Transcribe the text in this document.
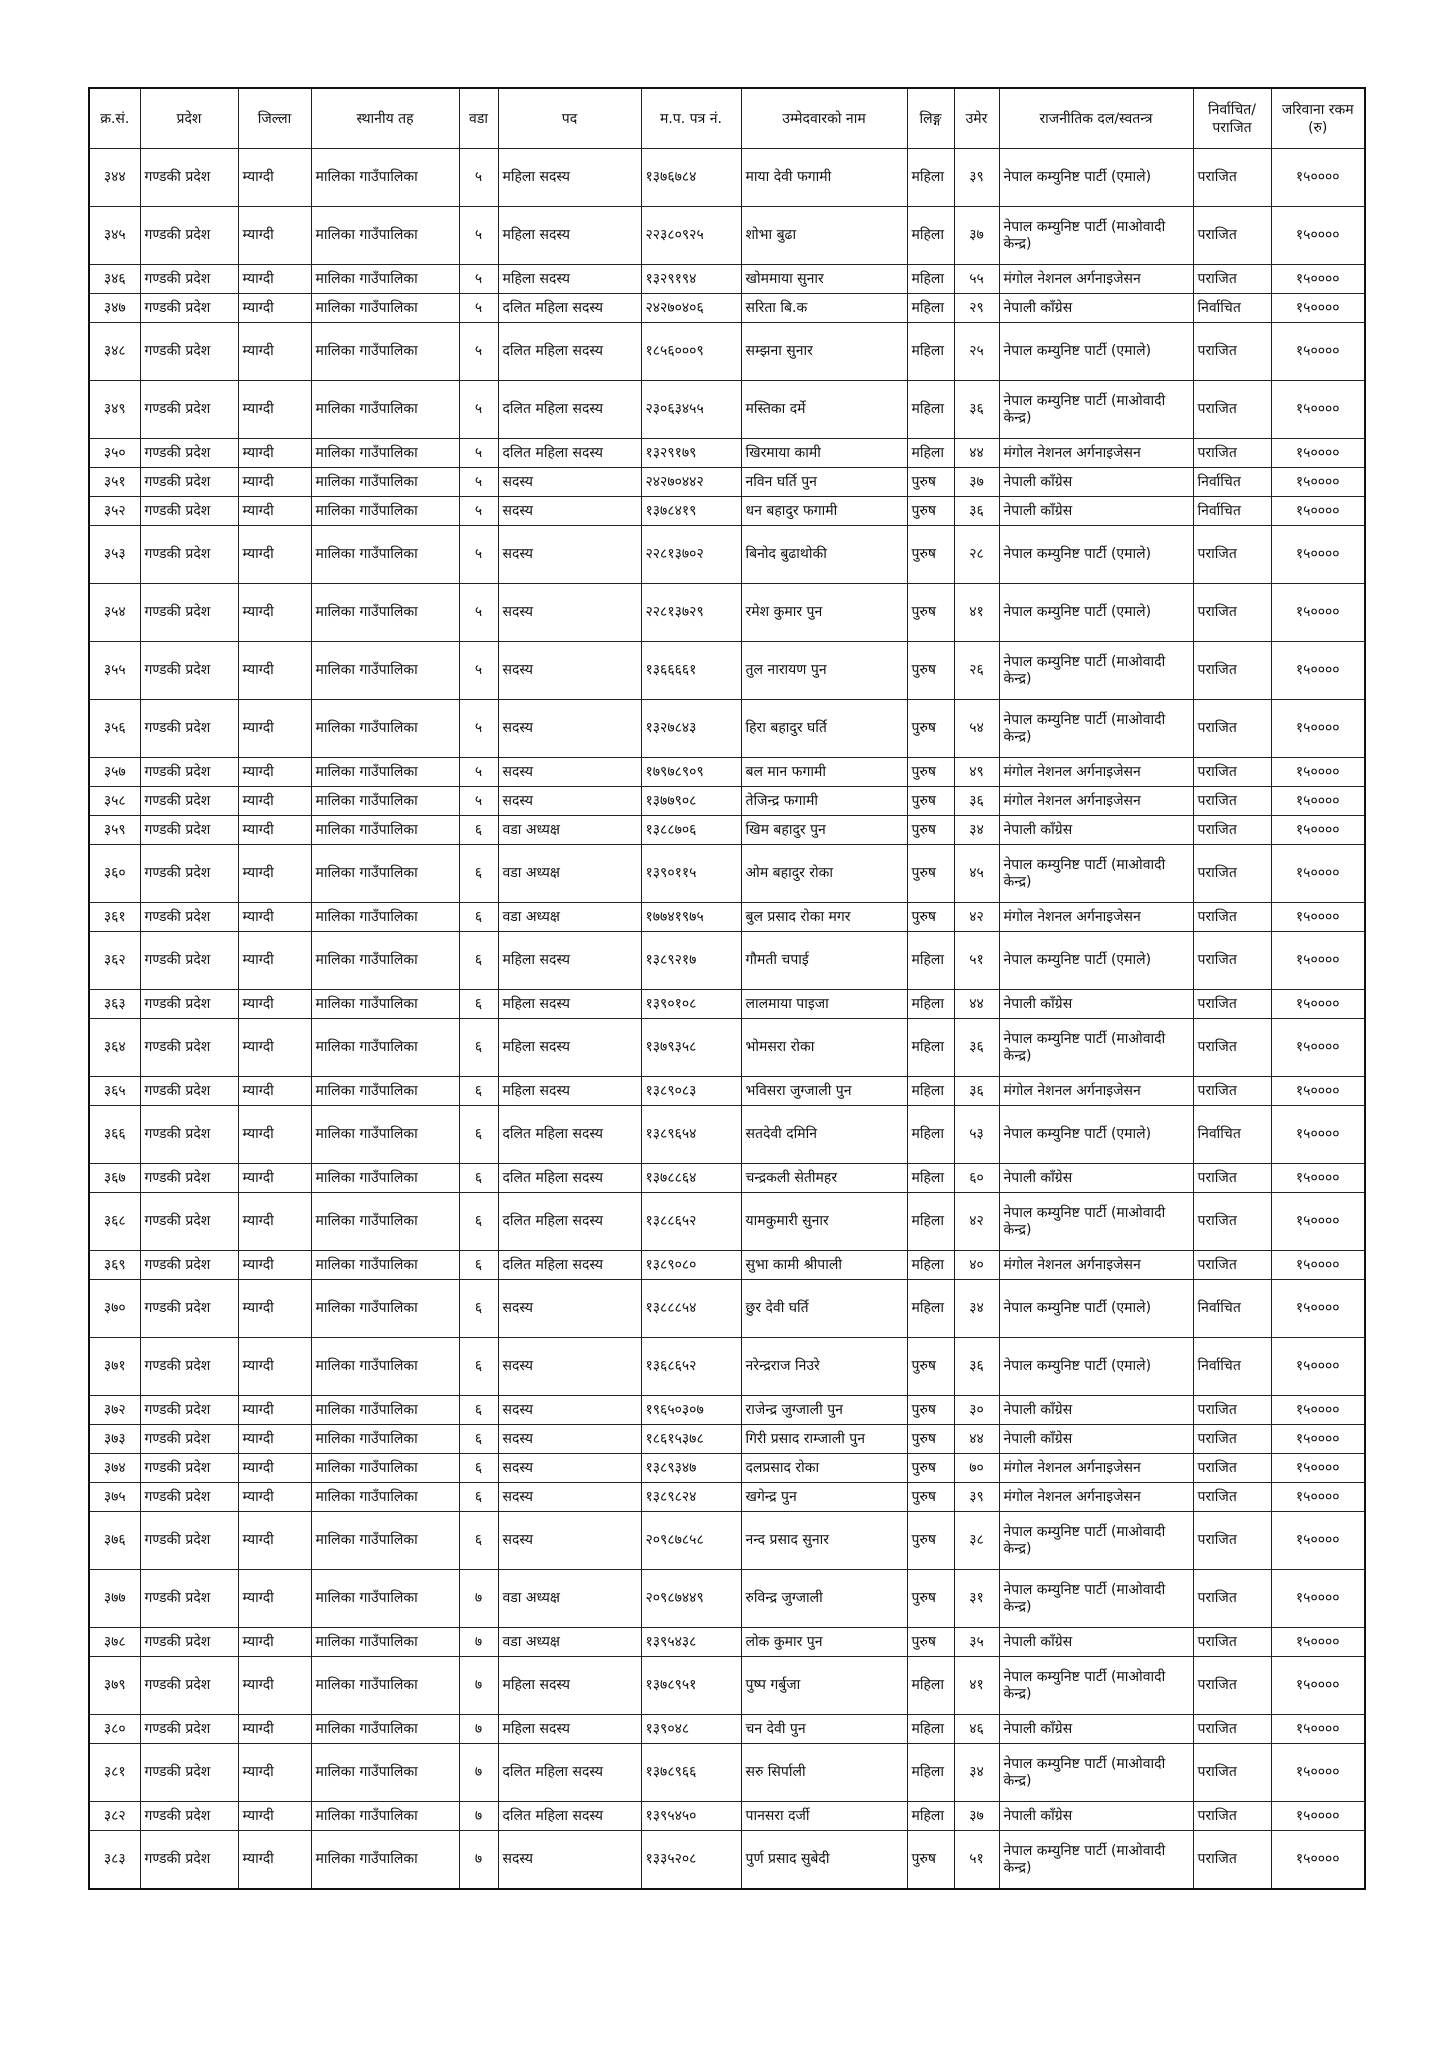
क्र.सं.	प्रदेश	जिल्ला	स्थानीय तह	वडा	पद	म.प. पत्र नं.	उम्मेदवारको नाम	लिङ्ग	उमेर	राजनीतिक दल/स्वतन्त्र	निर्वाचित/पराजित	जरिवाना रकम (रु)
३४४	गण्डकी प्रदेश	म्याग्दी	मालिका गाउँपालिका	५	महिला सदस्य	१३७६७८४	माया देवी फगामी	महिला	३९	नेपाल कम्युनिष्ट पार्टी (एमाले)	पराजित	१५००००
३४५	गण्डकी प्रदेश	म्याग्दी	मालिका गाउँपालिका	५	महिला सदस्य	२२३८०९२५	शोभा बुढा	महिला	३७	नेपाल कम्युनिष्ट पार्टी (माओवादी केन्द्र)	पराजित	१५००००
३४६	गण्डकी प्रदेश	म्याग्दी	मालिका गाउँपालिका	५	महिला सदस्य	१३२९१९४	खोममाया सुनार	महिला	५५	मंगोल नेशनल अर्गनाइजेसन	पराजित	१५००००
३४७	गण्डकी प्रदेश	म्याग्दी	मालिका गाउँपालिका	५	दलित महिला सदस्य	२४२७०४०६	सरिता बि.क	महिला	२९	नेपाली काँग्रेस	निर्वाचित	१५००००
३४८	गण्डकी प्रदेश	म्याग्दी	मालिका गाउँपालिका	५	दलित महिला सदस्य	१८५६०००९	सम्झना सुनार	महिला	२५	नेपाल कम्युनिष्ट पार्टी (एमाले)	पराजित	१५००००
३४९	गण्डकी प्रदेश	म्याग्दी	मालिका गाउँपालिका	५	दलित महिला सदस्य	२३०६३४५५	मस्तिका दर्मे	महिला	३६	नेपाल कम्युनिष्ट पार्टी (माओवादी केन्द्र)	पराजित	१५००००
३५०	गण्डकी प्रदेश	म्याग्दी	मालिका गाउँपालिका	५	दलित महिला सदस्य	१३२९१७९	खिरमाया कामी	महिला	४४	मंगोल नेशनल अर्गनाइजेसन	पराजित	१५००००
३५१	गण्डकी प्रदेश	म्याग्दी	मालिका गाउँपालिका	५	सदस्य	२४२७०४४२	नविन घर्ति पुन	पुरुष	३७	नेपाली काँग्रेस	निर्वाचित	१५००००
३५२	गण्डकी प्रदेश	म्याग्दी	मालिका गाउँपालिका	५	सदस्य	१३७८४१९	धन बहादुर फगामी	पुरुष	३६	नेपाली काँग्रेस	निर्वाचित	१५००००
३५३	गण्डकी प्रदेश	म्याग्दी	मालिका गाउँपालिका	५	सदस्य	२२८१३७०२	बिनोद बुढाथोकी	पुरुष	२८	नेपाल कम्युनिष्ट पार्टी (एमाले)	पराजित	१५००००
३५४	गण्डकी प्रदेश	म्याग्दी	मालिका गाउँपालिका	५	सदस्य	२२८१३७२९	रमेश कुमार पुन	पुरुष	४१	नेपाल कम्युनिष्ट पार्टी (एमाले)	पराजित	१५००००
३५५	गण्डकी प्रदेश	म्याग्दी	मालिका गाउँपालिका	५	सदस्य	१३६६६६१	तुल नारायण पुन	पुरुष	२६	नेपाल कम्युनिष्ट पार्टी (माओवादी केन्द्र)	पराजित	१५००००
३५६	गण्डकी प्रदेश	म्याग्दी	मालिका गाउँपालिका	५	सदस्य	१३२७८४३	हिरा बहादुर घर्ति	पुरुष	५४	नेपाल कम्युनिष्ट पार्टी (माओवादी केन्द्र)	पराजित	१५००००
३५७	गण्डकी प्रदेश	म्याग्दी	मालिका गाउँपालिका	५	सदस्य	१७९७८९०९	बल मान फगामी	पुरुष	४९	मंगोल नेशनल अर्गनाइजेसन	पराजित	१५००००
३५८	गण्डकी प्रदेश	म्याग्दी	मालिका गाउँपालिका	५	सदस्य	१३७७९०८	तेजिन्द्र फगामी	पुरुष	३६	मंगोल नेशनल अर्गनाइजेसन	पराजित	१५००००
३५९	गण्डकी प्रदेश	म्याग्दी	मालिका गाउँपालिका	६	वडा अध्यक्ष	१३८८७०६	खिम बहादुर पुन	पुरुष	३४	नेपाली काँग्रेस	पराजित	१५००००
३६०	गण्डकी प्रदेश	म्याग्दी	मालिका गाउँपालिका	६	वडा अध्यक्ष	१३९०११५	ओम बहादुर रोका	पुरुष	४५	नेपाल कम्युनिष्ट पार्टी (माओवादी केन्द्र)	पराजित	१५००००
३६१	गण्डकी प्रदेश	म्याग्दी	मालिका गाउँपालिका	६	वडा अध्यक्ष	१७७४१९७५	बुल प्रसाद रोका मगर	पुरुष	४२	मंगोल नेशनल अर्गनाइजेसन	पराजित	१५००००
३६२	गण्डकी प्रदेश	म्याग्दी	मालिका गाउँपालिका	६	महिला सदस्य	१३८९२१७	गौमती चपाई	महिला	५१	नेपाल कम्युनिष्ट पार्टी (एमाले)	पराजित	१५००००
३६३	गण्डकी प्रदेश	म्याग्दी	मालिका गाउँपालिका	६	महिला सदस्य	१३९०१०८	लालमाया पाइजा	महिला	४४	नेपाली काँग्रेस	पराजित	१५००००
३६४	गण्डकी प्रदेश	म्याग्दी	मालिका गाउँपालिका	६	महिला सदस्य	१३७९३५८	भोमसरा रोका	महिला	३६	नेपाल कम्युनिष्ट पार्टी (माओवादी केन्द्र)	पराजित	१५००००
३६५	गण्डकी प्रदेश	म्याग्दी	मालिका गाउँपालिका	६	महिला सदस्य	१३८९०८३	भविसरा जुग्जाली पुन	महिला	३६	मंगोल नेशनल अर्गनाइजेसन	पराजित	१५००००
३६६	गण्डकी प्रदेश	म्याग्दी	मालिका गाउँपालिका	६	दलित महिला सदस्य	१३८९६५४	सतदेवी दमिनि	महिला	५३	नेपाल कम्युनिष्ट पार्टी (एमाले)	निर्वाचित	१५००००
३६७	गण्डकी प्रदेश	म्याग्दी	मालिका गाउँपालिका	६	दलित महिला सदस्य	१३७८८६४	चन्द्रकली सेतीमहर	महिला	६०	नेपाली काँग्रेस	पराजित	१५००००
३६८	गण्डकी प्रदेश	म्याग्दी	मालिका गाउँपालिका	६	दलित महिला सदस्य	१३८८६५२	यामकुमारी सुनार	महिला	४२	नेपाल कम्युनिष्ट पार्टी (माओवादी केन्द्र)	पराजित	१५००००
३६९	गण्डकी प्रदेश	म्याग्दी	मालिका गाउँपालिका	६	दलित महिला सदस्य	१३८९०८०	सुभा कामी श्रीपाली	महिला	४०	मंगोल नेशनल अर्गनाइजेसन	पराजित	१५००००
३७०	गण्डकी प्रदेश	म्याग्दी	मालिका गाउँपालिका	६	सदस्य	१३८८८५४	छुर देवी घर्ति	महिला	३४	नेपाल कम्युनिष्ट पार्टी (एमाले)	निर्वाचित	१५००००
३७१	गण्डकी प्रदेश	म्याग्दी	मालिका गाउँपालिका	६	सदस्य	१३६८६५२	नरेन्द्रराज निउरे	पुरुष	३६	नेपाल कम्युनिष्ट पार्टी (एमाले)	निर्वाचित	१५००००
३७२	गण्डकी प्रदेश	म्याग्दी	मालिका गाउँपालिका	६	सदस्य	१९६५०३०७	राजेन्द्र जुग्जाली पुन	पुरुष	३०	नेपाली काँग्रेस	पराजित	१५००००
३७३	गण्डकी प्रदेश	म्याग्दी	मालिका गाउँपालिका	६	सदस्य	१८६१५३७८	गिरी प्रसाद राम्जाली पुन	पुरुष	४४	नेपाली काँग्रेस	पराजित	१५००००
३७४	गण्डकी प्रदेश	म्याग्दी	मालिका गाउँपालिका	६	सदस्य	१३८९३४७	दलप्रसाद रोका	पुरुष	७०	मंगोल नेशनल अर्गनाइजेसन	पराजित	१५००००
३७५	गण्डकी प्रदेश	म्याग्दी	मालिका गाउँपालिका	६	सदस्य	१३८९८२४	खगेन्द्र पुन	पुरुष	३९	मंगोल नेशनल अर्गनाइजेसन	पराजित	१५००००
३७६	गण्डकी प्रदेश	म्याग्दी	मालिका गाउँपालिका	६	सदस्य	२०९८७८५८	नन्द प्रसाद सुनार	पुरुष	३८	नेपाल कम्युनिष्ट पार्टी (माओवादी केन्द्र)	पराजित	१५००००
३७७	गण्डकी प्रदेश	म्याग्दी	मालिका गाउँपालिका	७	वडा अध्यक्ष	२०९८७४४९	रुविन्द्र जुग्जाली	पुरुष	३१	नेपाल कम्युनिष्ट पार्टी (माओवादी केन्द्र)	पराजित	१५००००
३७८	गण्डकी प्रदेश	म्याग्दी	मालिका गाउँपालिका	७	वडा अध्यक्ष	१३९५४३८	लोक कुमार पुन	पुरुष	३५	नेपाली काँग्रेस	पराजित	१५००००
३७९	गण्डकी प्रदेश	म्याग्दी	मालिका गाउँपालिका	७	महिला सदस्य	१३७८९५१	पुष्प गर्बुजा	महिला	४१	नेपाल कम्युनिष्ट पार्टी (माओवादी केन्द्र)	पराजित	१५००००
३८०	गण्डकी प्रदेश	म्याग्दी	मालिका गाउँपालिका	७	महिला सदस्य	१३९०४८	चन देवी पुन	महिला	४६	नेपाली काँग्रेस	पराजित	१५००००
३८१	गण्डकी प्रदेश	म्याग्दी	मालिका गाउँपालिका	७	दलित महिला सदस्य	१३७८९६६	सरु सिर्पाली	महिला	३४	नेपाल कम्युनिष्ट पार्टी (माओवादी केन्द्र)	पराजित	१५००००
३८२	गण्डकी प्रदेश	म्याग्दी	मालिका गाउँपालिका	७	दलित महिला सदस्य	१३९५४५०	पानसरा दर्जी	महिला	३७	नेपाली काँग्रेस	पराजित	१५००००
३८३	गण्डकी प्रदेश	म्याग्दी	मालिका गाउँपालिका	७	सदस्य	१३३५२०८	पुर्ण प्रसाद सुबेदी	पुरुष	५१	नेपाल कम्युनिष्ट पार्टी (माओवादी केन्द्र)	पराजित	१५००००
